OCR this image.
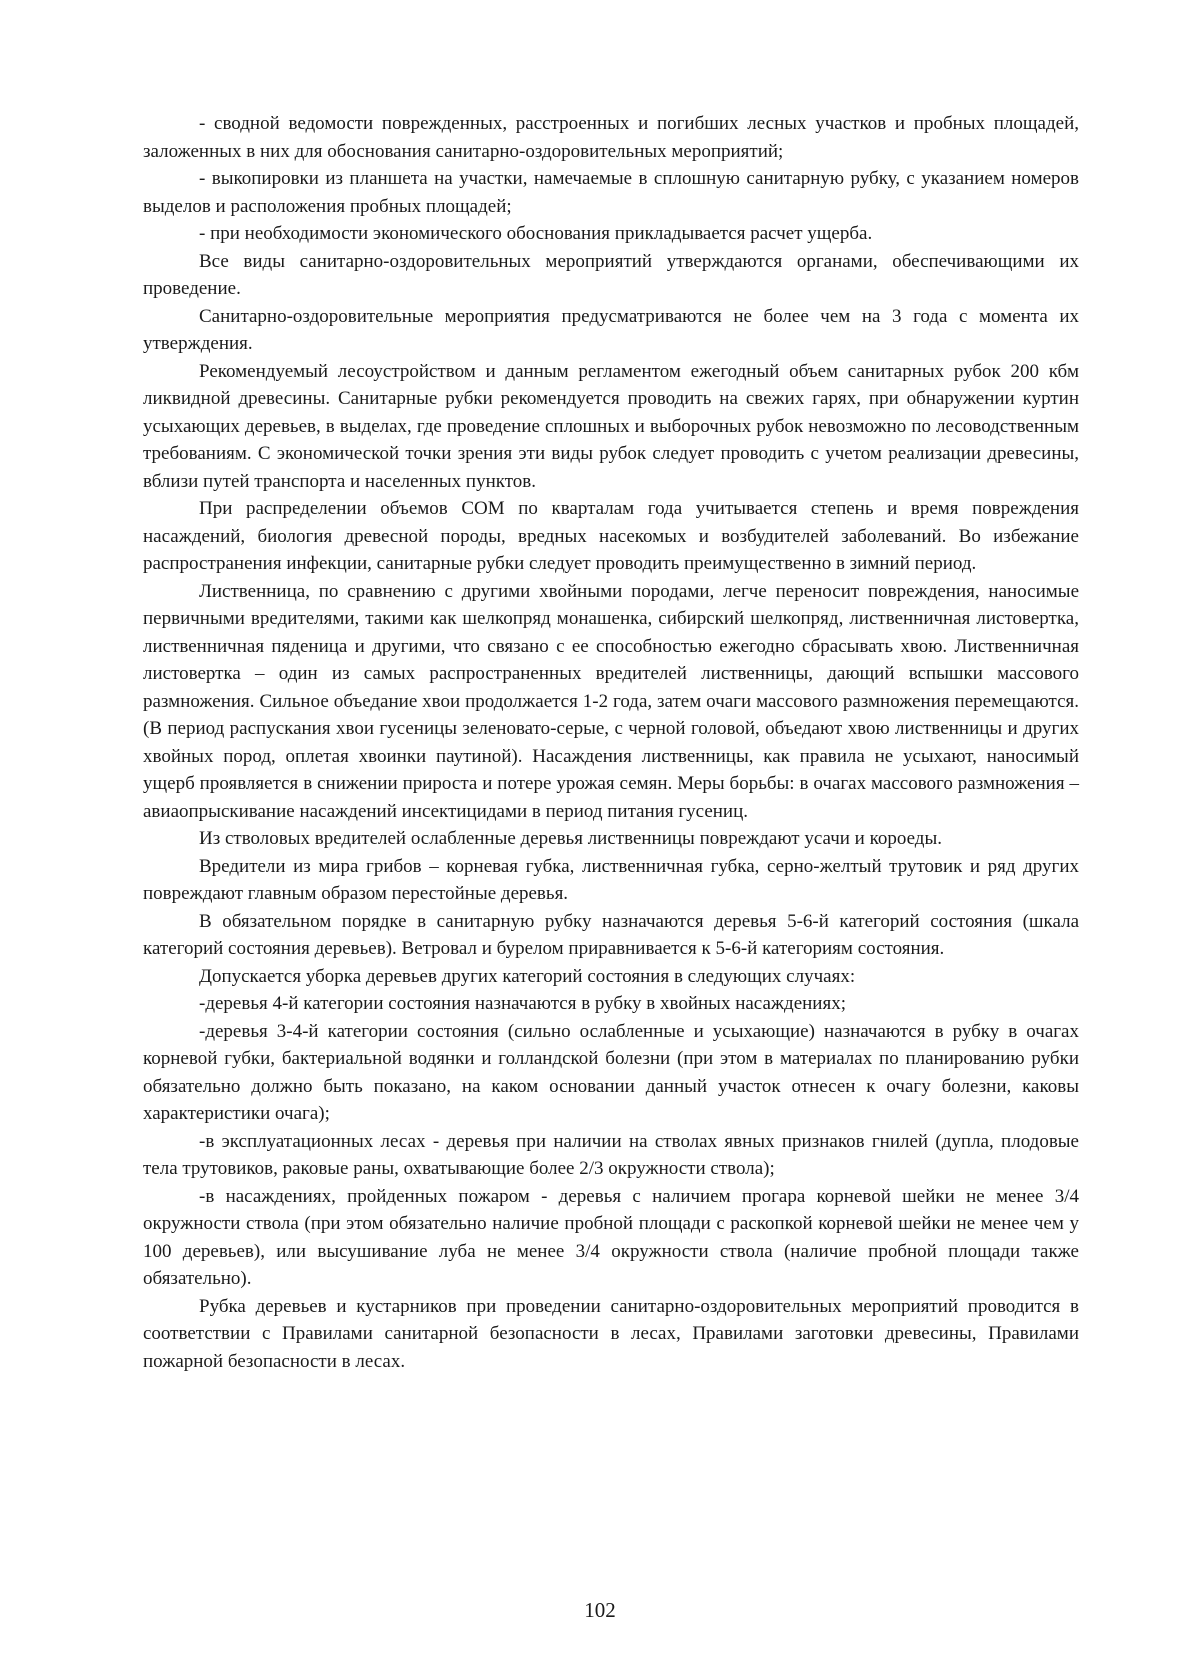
- сводной ведомости поврежденных, расстроенных и погибших лесных участков и пробных площадей, заложенных в них для обоснования санитарно-оздоровительных мероприятий;

- выкопировки из планшета на участки, намечаемые в сплошную санитарную рубку, с указанием номеров выделов и расположения пробных площадей;

- при необходимости экономического обоснования прикладывается расчет ущерба.

Все виды санитарно-оздоровительных мероприятий утверждаются органами, обеспечивающими их проведение.

Санитарно-оздоровительные мероприятия предусматриваются не более чем на 3 года с момента их утверждения.

Рекомендуемый лесоустройством и данным регламентом ежегодный объем санитарных рубок 200 кбм ликвидной древесины. Санитарные рубки рекомендуется проводить на свежих гарях, при обнаружении куртин усыхающих деревьев, в выделах, где проведение сплошных и выборочных рубок невозможно по лесоводственным требованиям. С экономической точки зрения эти виды рубок следует проводить с учетом реализации древесины, вблизи путей транспорта и населенных пунктов.

При распределении объемов СОМ по кварталам года учитывается степень и время повреждения насаждений, биология древесной породы, вредных насекомых и возбудителей заболеваний. Во избежание распространения инфекции, санитарные рубки следует проводить преимущественно в зимний период.

Лиственница, по сравнению с другими хвойными породами, легче переносит повреждения, наносимые первичными вредителями, такими как шелкопряд монашенка, сибирский шелкопряд, лиственничная листовертка, лиственничная пяденица и другими, что связано с ее способностью ежегодно сбрасывать хвою. Лиственничная листовертка – один из самых распространенных вредителей лиственницы, дающий вспышки массового размножения. Сильное объедание хвои продолжается 1-2 года, затем очаги массового размножения перемещаются. (В период распускания хвои гусеницы зеленовато-серые, с черной головой, объедают хвою лиственницы и других хвойных пород, оплетая хвоинки паутиной). Насаждения лиственницы, как правила не усыхают, наносимый ущерб проявляется в снижении прироста и потере урожая семян. Меры борьбы: в очагах массового размножения – авиаопрыскивание насаждений инсектицидами в период питания гусениц.

Из стволовых вредителей ослабленные деревья лиственницы повреждают усачи и короеды.

Вредители из мира грибов – корневая губка, лиственничная губка, серно-желтый трутовик и ряд других повреждают главным образом перестойные деревья.

В обязательном порядке в санитарную рубку назначаются деревья 5-6-й категорий состояния (шкала категорий состояния деревьев). Ветровал и бурелом приравнивается к 5-6-й категориям состояния.

Допускается уборка деревьев других категорий состояния в следующих случаях:

-деревья 4-й категории состояния назначаются в рубку в хвойных насаждениях;

-деревья 3-4-й категории состояния (сильно ослабленные и усыхающие) назначаются в рубку в очагах корневой губки, бактериальной водянки и голландской болезни (при этом в материалах по планированию рубки обязательно должно быть показано, на каком основании данный участок отнесен к очагу болезни, каковы характеристики очага);

-в эксплуатационных лесах - деревья при наличии на стволах явных признаков гнилей (дупла, плодовые тела трутовиков, раковые раны, охватывающие более 2/3 окружности ствола);

-в насаждениях, пройденных пожаром - деревья с наличием прогара корневой шейки не менее 3/4 окружности ствола (при этом обязательно наличие пробной площади с раскопкой корневой шейки не менее чем у 100 деревьев), или высушивание луба не менее 3/4 окружности ствола (наличие пробной площади также обязательно).

Рубка деревьев и кустарников при проведении санитарно-оздоровительных мероприятий проводится в соответствии с Правилами санитарной безопасности в лесах, Правилами заготовки древесины, Правилами пожарной безопасности в лесах.

102
